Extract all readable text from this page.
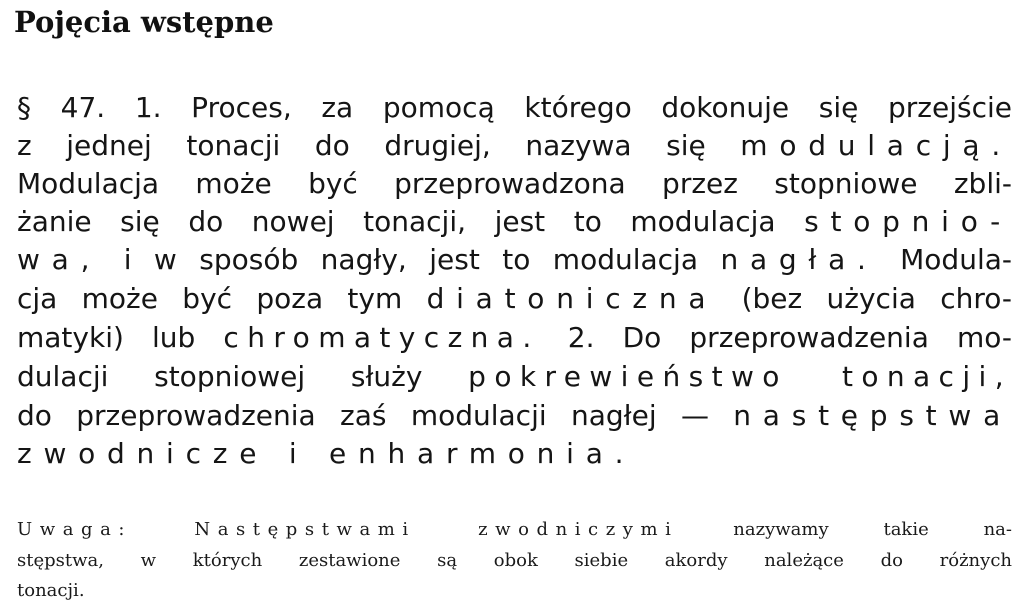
Pojęcia wstępne
§ 47. 1. Proces, za pomocą którego dokonuje się przejście
z jednej tonacji do drugiej, nazywa się modulacją.
Modulacja może być przeprowadzona przez stopniowe zbli-
żanie się do nowej tonacji, jest to modulacja stopnio-
wa, i w sposób nagły, jest to modulacja nagła. Modula-
cja może być poza tym diatoniczna (bez użycia chro-
matyki) lub chromatyczna. 2. Do przeprowadzenia mo-
dulacji stopniowej służy pokrewieństwo tonacji,
do przeprowadzenia zaś modulacji nagłej — następstwa
zwodnicze i enharmonia.
Uwaga: Następstwami zwodniczymi nazywamy takie na-
stępstwa, w których zestawione są obok siebie akordy należące do różnych
tonacji.
